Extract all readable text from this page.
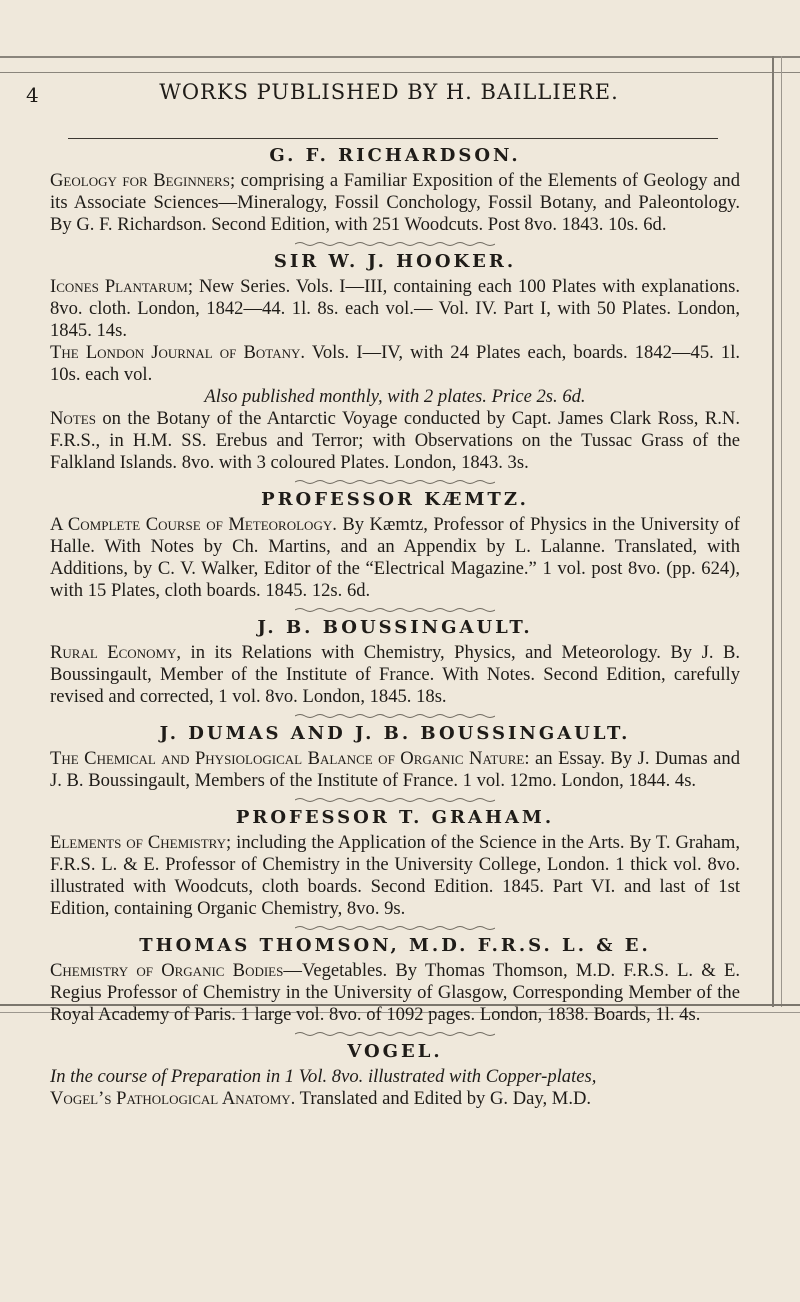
4	WORKS PUBLISHED BY H. BAILLIERE.
G. F. RICHARDSON.

Geology for Beginners; comprising a Familiar Exposition of the Elements of Geology and its Associate Sciences—Mineralogy, Fossil Conchology, Fossil Botany, and Paleontology. By G. F. Richardson. Second Edition, with 251 Woodcuts. Post 8vo. 1843. 10s. 6d.

SIR W. J. HOOKER.

Icones Plantarum; New Series. Vols. I—III, containing each 100 Plates with explanations. 8vo. cloth. London, 1842—44. 1l. 8s. each vol.— Vol. IV. Part I, with 50 Plates. London, 1845. 14s.

The London Journal of Botany. Vols. I—IV, with 24 Plates each, boards. 1842—45. 1l. 10s. each vol.

Also published monthly, with 2 plates. Price 2s. 6d.

Notes on the Botany of the Antarctic Voyage conducted by Capt. James Clark Ross, R.N. F.R.S., in H.M. SS. Erebus and Terror; with Observations on the Tussac Grass of the Falkland Islands. 8vo. with 3 coloured Plates. London, 1843. 3s.

PROFESSOR KÆMTZ.

A Complete Course of Meteorology. By Kæmtz, Professor of Physics in the University of Halle. With Notes by Ch. Martins, and an Appendix by L. Lalanne. Translated, with Additions, by C. V. Walker, Editor of the “Electrical Magazine.” 1 vol. post 8vo. (pp. 624), with 15 Plates, cloth boards. 1845. 12s. 6d.

J. B. BOUSSINGAULT.

Rural Economy, in its Relations with Chemistry, Physics, and Meteorology. By J. B. Boussingault, Member of the Institute of France. With Notes. Second Edition, carefully revised and corrected, 1 vol. 8vo. London, 1845. 18s.

J. DUMAS AND J. B. BOUSSINGAULT.

The Chemical and Physiological Balance of Organic Nature: an Essay. By J. Dumas and J. B. Boussingault, Members of the Institute of France. 1 vol. 12mo. London, 1844. 4s.

PROFESSOR T. GRAHAM.

Elements of Chemistry; including the Application of the Science in the Arts. By T. Graham, F.R.S. L. & E. Professor of Chemistry in the University College, London. 1 thick vol. 8vo. illustrated with Woodcuts, cloth boards. Second Edition. 1845. Part VI. and last of 1st Edition, containing Organic Chemistry, 8vo. 9s.

THOMAS THOMSON, M.D. F.R.S. L. & E.

Chemistry of Organic Bodies—Vegetables. By Thomas Thomson, M.D. F.R.S. L. & E. Regius Professor of Chemistry in the University of Glasgow, Corresponding Member of the Royal Academy of Paris. 1 large vol. 8vo. of 1092 pages. London, 1838. Boards, 1l. 4s.

VOGEL.

In the course of Preparation in 1 Vol. 8vo. illustrated with Copper-plates,

Vogel’s Pathological Anatomy. Translated and Edited by G. Day, M.D.
